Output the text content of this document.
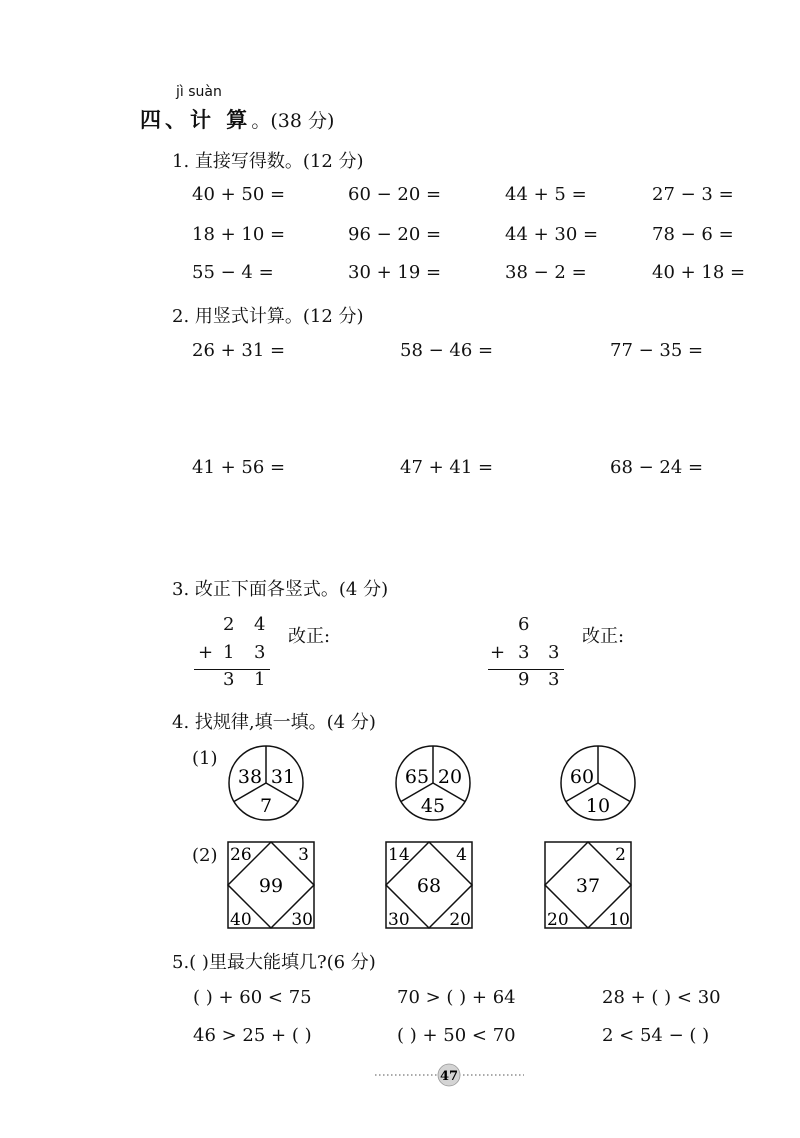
jì suàn
四、计 算。(38 分)
1. 直接写得数。(12 分)
40 + 50 =	60 − 20 =	44 + 5 =	27 − 3 =
18 + 10 =	96 − 20 =	44 + 30 =	78 − 6 =
55 − 4 =	30 + 19 =	38 − 2 =	40 + 18 =
2. 用竖式计算。(12 分)
26 + 31 =	58 − 46 =	77 − 35 =
41 + 56 =	47 + 41 =	68 − 24 =
3. 改正下面各竖式。(4 分)
2 4
+ 1 3
3 1
改正:
6
+ 3 3
9 3
改正:
4. 找规律,填一填。(4 分)
(1)
(2)
38 31
7
65 20
45
60
10
26	3
99
40 30
14	4
68
30 20
2
37
20 10
47
5.( )里最大能填几?(6 分)
( ) + 60 < 75	70 > ( ) + 64	28 + ( ) < 30
46 > 25 + ( )	( ) + 50 < 70	2 < 54 − ( )
